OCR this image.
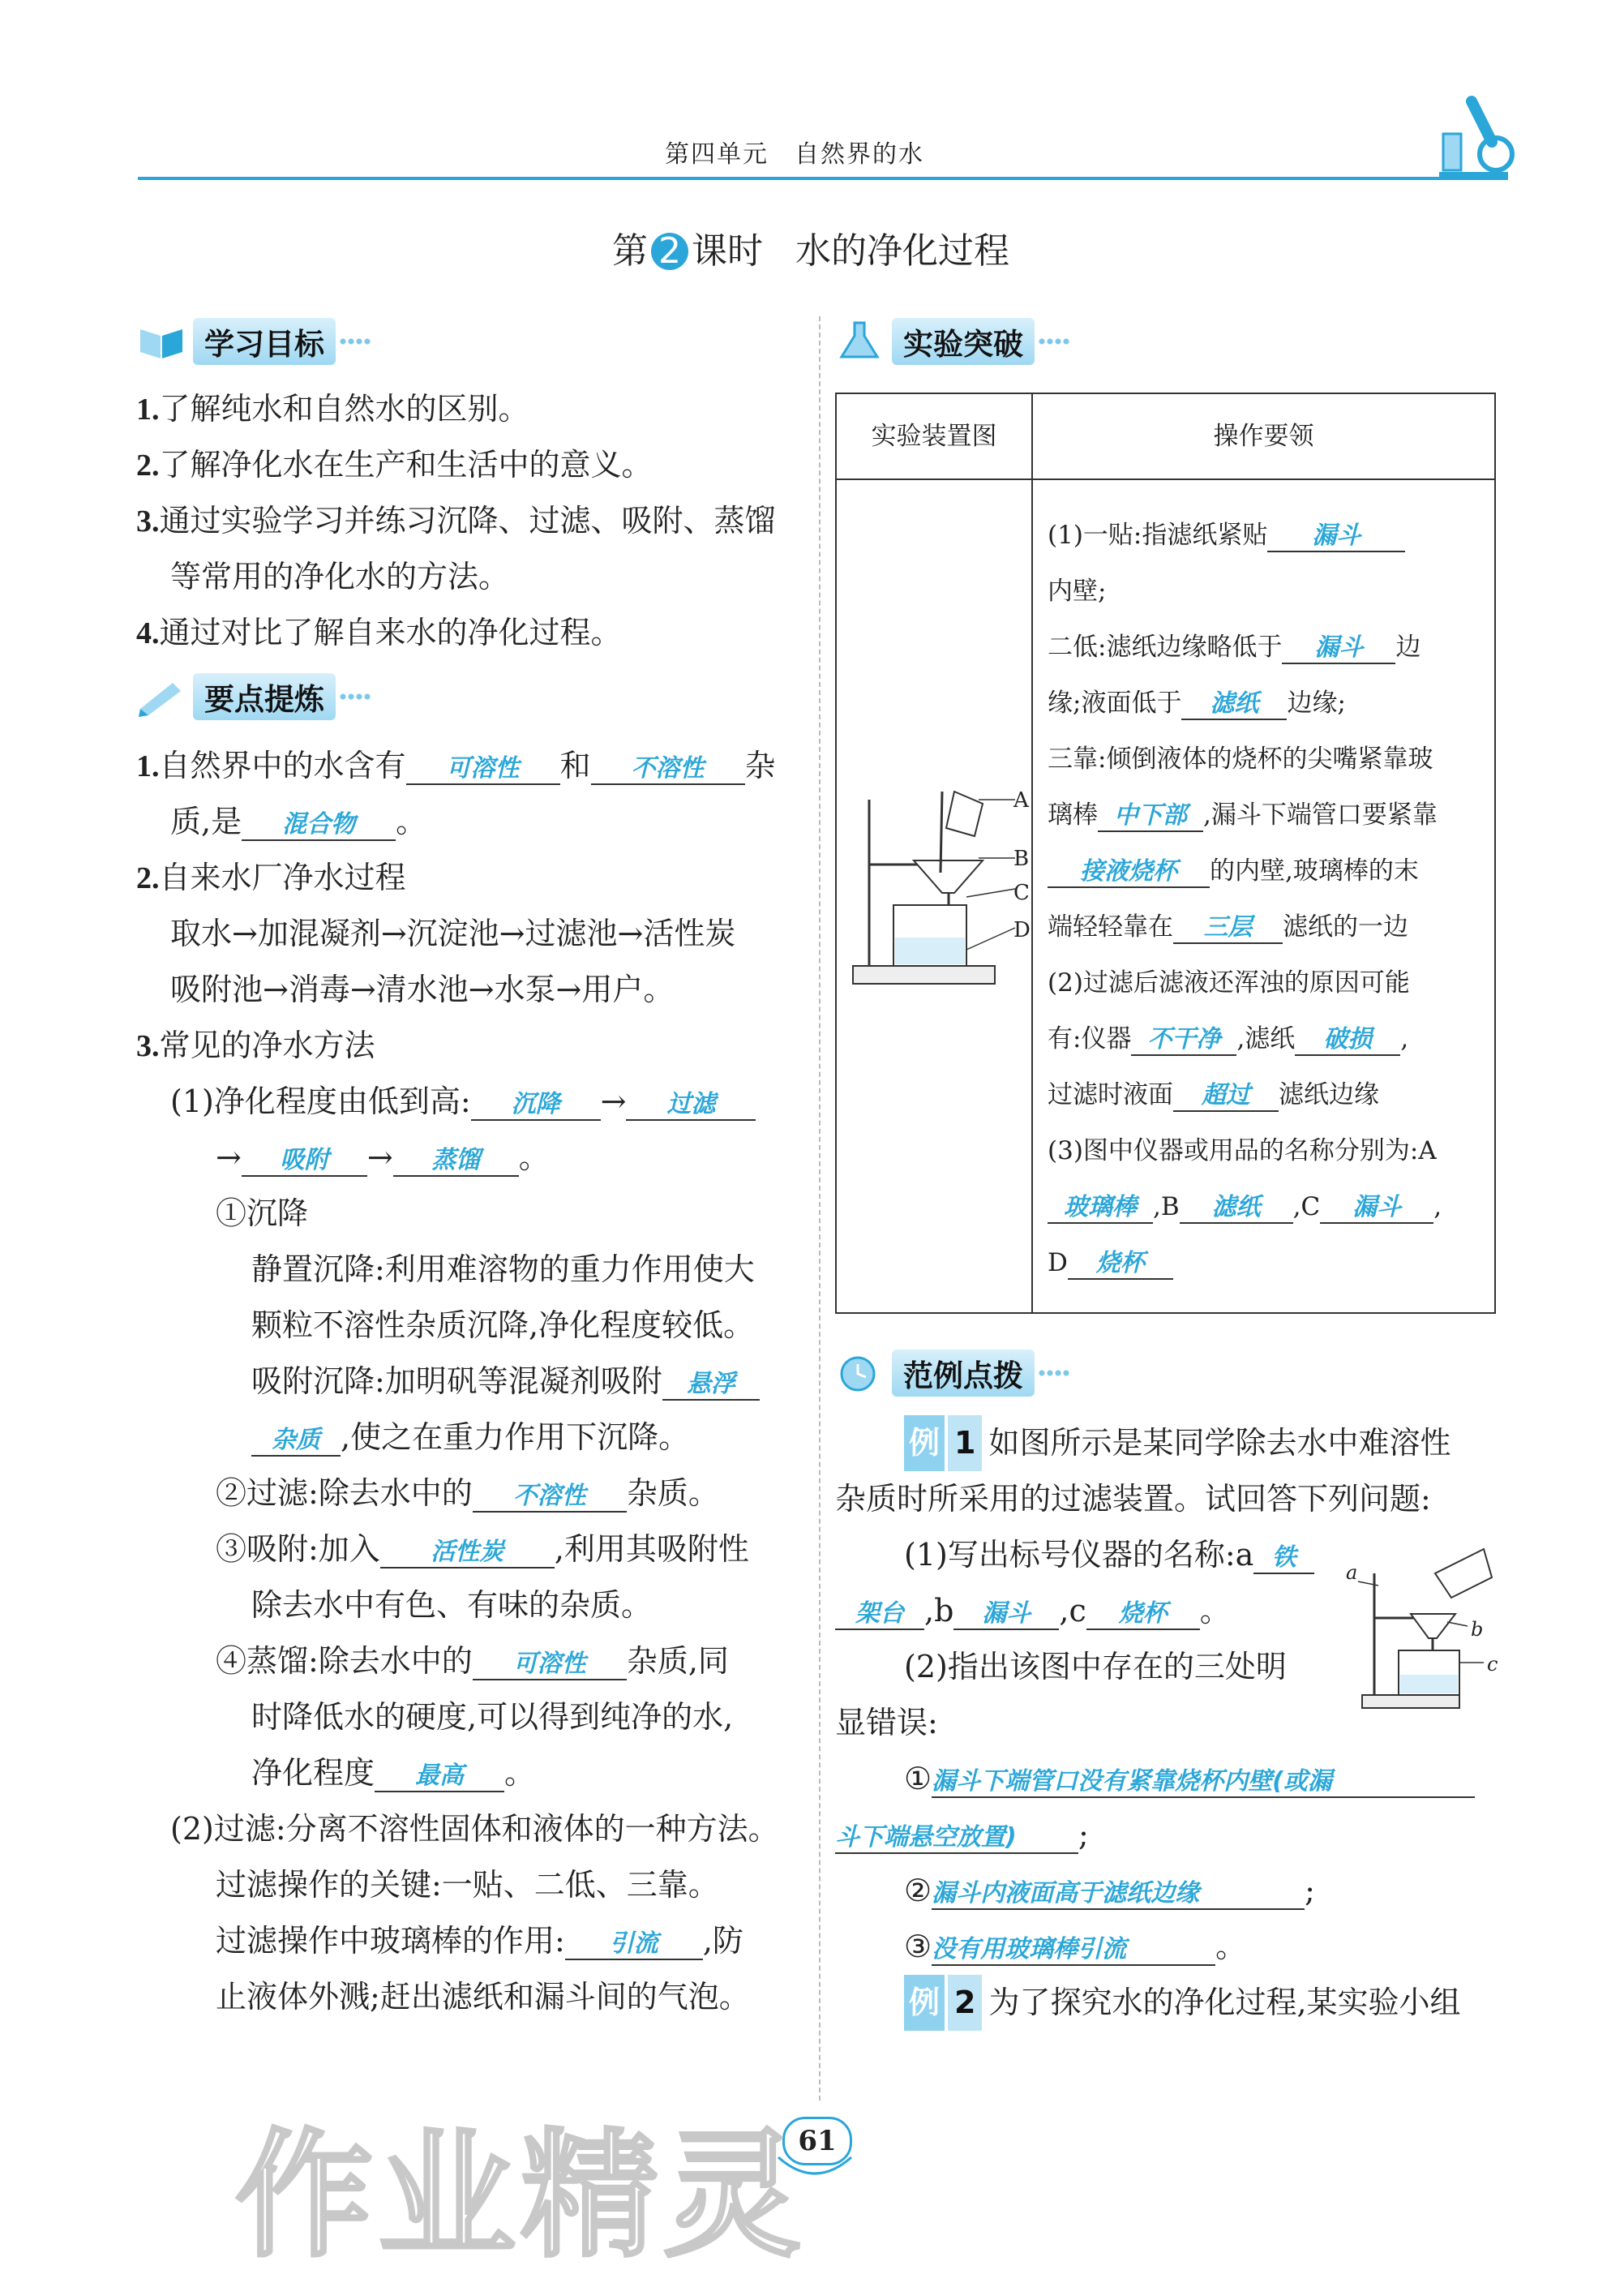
第四单元　自然界的水
第 2 课时 水的净化过程
学习目标
1.了解纯水和自然水的区别。
2.了解净化水在生产和生活中的意义。
3.通过实验学习并练习沉降、过滤、吸附、蒸馏
等常用的净化水的方法。
4.通过对比了解自来水的净化过程。
要点提炼
1.自然界中的水含有 可溶性 和 不溶性 杂
质,是 混合物 。
2.自来水厂净水过程
取水→加混凝剂→沉淀池→过滤池→活性炭
吸附池→消毒→清水池→水泵→用户。
3.常见的净水方法
(1)净化程度由低到高: 沉降 → 过滤
→ 吸附 → 蒸馏 。
①沉降
静置沉降:利用难溶物的重力作用使大
颗粒不溶性杂质沉降,净化程度较低。
吸附沉降:加明矾等混凝剂吸附 悬浮
杂质 ,使之在重力作用下沉降。
②过滤:除去水中的 不溶性 杂质。
③吸附:加入 活性炭 ,利用其吸附性
除去水中有色、有味的杂质。
④蒸馏:除去水中的 可溶性 杂质,同
时降低水的硬度,可以得到纯净的水,
净化程度 最高 。
(2)过滤:分离不溶性固体和液体的一种方法。
过滤操作的关键:一贴、二低、三靠。
过滤操作中玻璃棒的作用: 引流 ,防
止液体外溅;赶出滤纸和漏斗间的气泡。
实验突破
实验装置图	操作要领
A
B
C
D
(1)一贴:指滤纸紧贴 漏斗
内壁;
二低:滤纸边缘略低于 漏斗 边
缘;液面低于 滤纸 边缘;
三靠:倾倒液体的烧杯的尖嘴紧靠玻
璃棒 中下部 ,漏斗下端管口要紧靠
接液烧杯 的内壁,玻璃棒的末
端轻轻靠在 三层 滤纸的一边
(2)过滤后滤液还浑浊的原因可能
有:仪器 不干净 ,滤纸 破损 ,
过滤时液面 超过 滤纸边缘
(3)图中仪器或用品的名称分别为:A
玻璃棒 ,B 滤纸 ,C 漏斗 ,
D 烧杯
范例点拨
例 1 如图所示是某同学除去水中难溶性
杂质时所采用的过滤装置。试回答下列问题:
(1)写出标号仪器的名称:a 铁
架台 ,b 漏斗 ,c 烧杯 。
(2)指出该图中存在的三处明
显错误:
a
b
c
①漏斗下端管口没有紧靠烧杯内壁(或漏
斗下端悬空放置) ;
②漏斗内液面高于滤纸边缘	;
③没有用玻璃棒引流	。
例 2 为了探究水的净化过程,某实验小组
61
作业精灵
